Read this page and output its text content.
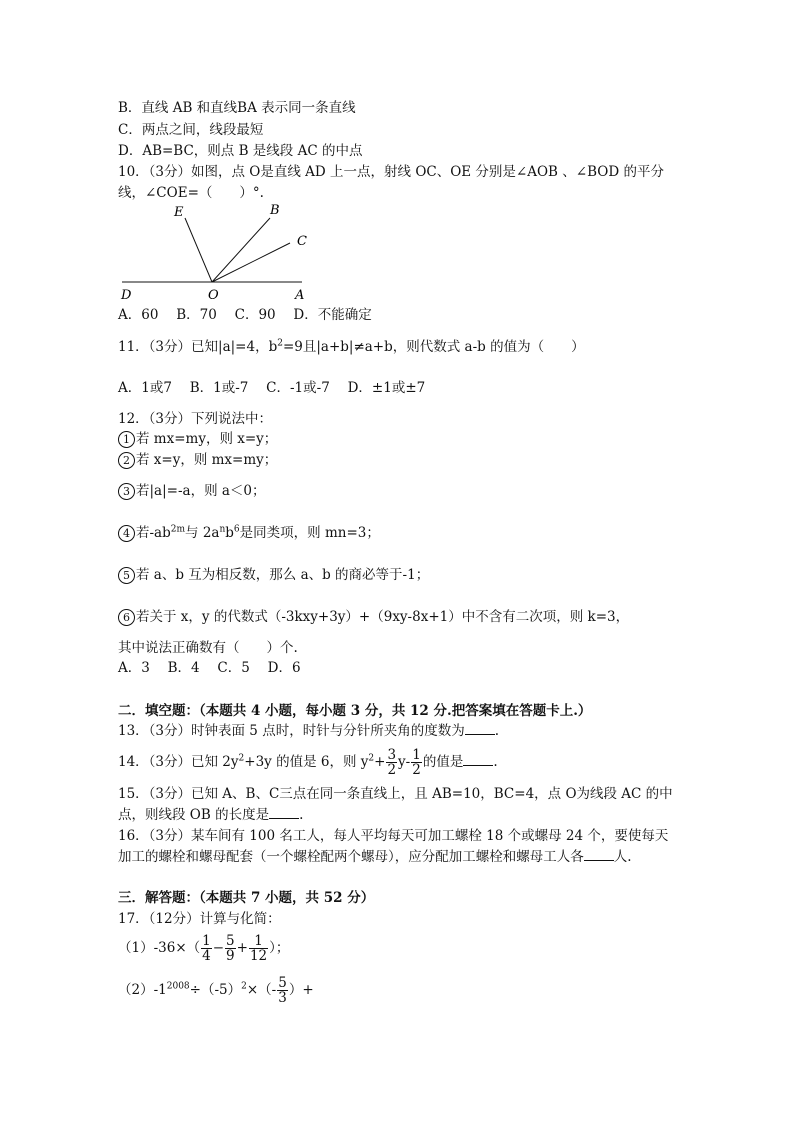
B．直线 AB 和直线BA 表示同一条直线
C．两点之间，线段最短
D．AB=BC，则点 B 是线段 AC 的中点
10．（3分）如图，点 O是直线 AD 上一点，射线 OC、OE 分别是∠AOB 、∠BOD 的平分
线，∠COE=（　　）°.
E	B
C
D	O	A
A．60　 B．70　 C．90　 D．不能确定
11．（3分）已知|a|=4，$b^2=9$且|a+b|≠a+b，则代数式 a-b 的值为（　　）
A．1或7　 B．1或-7　 C．-1或-7　 D．±1或±7
12．（3分）下列说法中：
1 若 mx=my，则 x=y；
2 若 x=y，则 mx=my；
3 若|a|=-a，则 a＜0；
4 若$-ab^{2m}$与 $2a^nb^6$是同类项，则 mn=3；
5 若 a、b 互为相反数，那么 a、b 的商必等于-1；
6 若关于 x，y 的代数式（-3kxy+3y）+（9xy-8x+1）中不含有二次项，则 k=3，
其中说法正确数有（　　）个.
A．3　 B．4　 C．5　 D．6
二．填空题：（本题共 4 小题，每小题 3 分，共 12 分.把答案填在答题卡上.）
13．（3分）时钟表面 5 点时，时针与分针所夹角的度数为 .
14．（3分）已知 $2y^2+3y$ 的值是 6，则 $y^2+ \frac{3}{2} y- \frac{1}{2}$ 的值是 .
15．（3分）已知 A、B、C三点在同一条直线上，且 AB=10，BC=4，点 O为线段 AC 的中
点，则线段 OB 的长度是 .
16．（3分）某车间有 100 名工人，每人平均每天可加工螺栓 18 个或螺母 24 个，要使每天
加工的螺栓和螺母配套（一个螺栓配两个螺母），应分配加工螺栓和螺母工人各 人.
三．解答题：（本题共 7 小题，共 52 分）
17．（12分）计算与化简：
$(1)-36\times( \frac{1}{4} - \frac{5}{9} + \frac{1}{12}$ ）；
$(2)-1^{2008}\div(-5)^2\times(- \frac{5}{3}$ ）+
